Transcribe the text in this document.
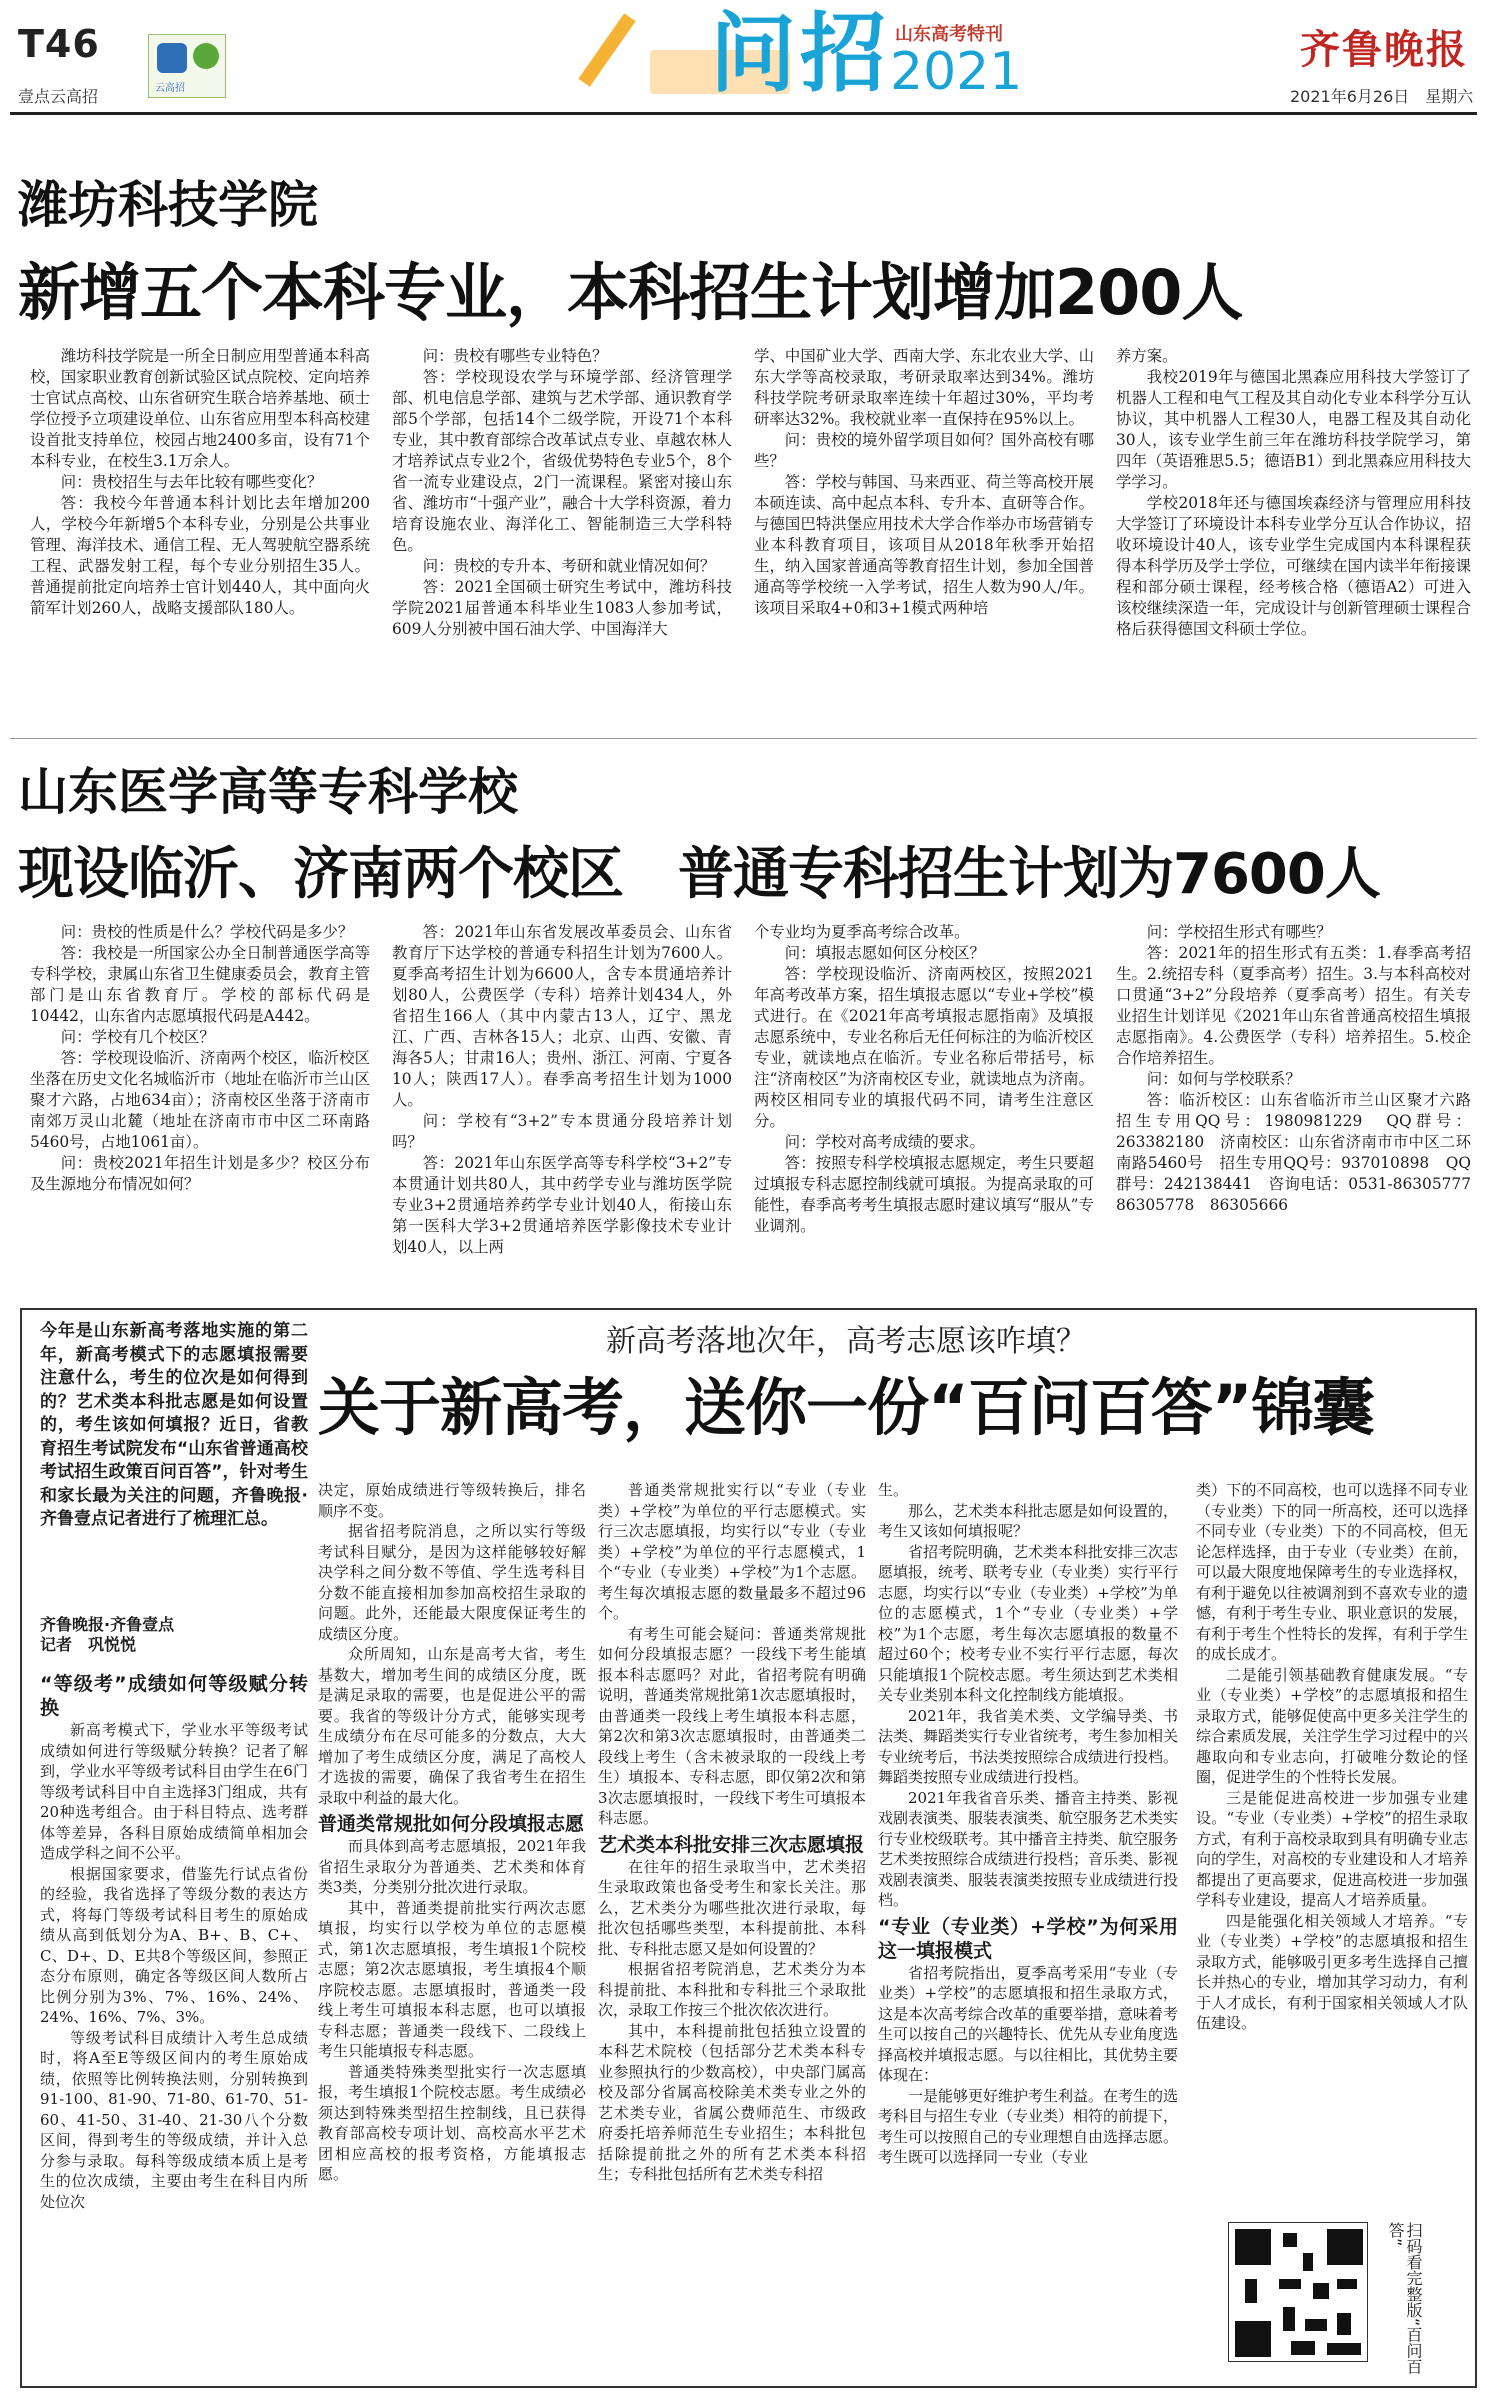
T46
壹点云高招	云高招	问招 山东高考特刊
2021	齐鲁晚报
2021年6月26日　星期六
潍坊科技学院
新增五个本科专业，本科招生计划增加200人

潍坊科技学院是一所全日制应用型普通本科高校，国家职业教育创新试验区试点院校、定向培养士官试点高校、山东省研究生联合培养基地、硕士学位授予立项建设单位、山东省应用型本科高校建设首批支持单位，校园占地2400多亩，设有71个本科专业，在校生3.1万余人。

问：贵校招生与去年比较有哪些变化？

答：我校今年普通本科计划比去年增加200人，学校今年新增5个本科专业，分别是公共事业管理、海洋技术、通信工程、无人驾驶航空器系统工程、武器发射工程，每个专业分别招生35人。普通提前批定向培养士官计划440人，其中面向火箭军计划260人，战略支援部队180人。

问：贵校有哪些专业特色？

答：学校现设农学与环境学部、经济管理学部、机电信息学部、建筑与艺术学部、通识教育学部5个学部，包括14个二级学院，开设71个本科专业，其中教育部综合改革试点专业、卓越农林人才培养试点专业2个，省级优势特色专业5个，8个省一流专业建设点，2门一流课程。紧密对接山东省、潍坊市“十强产业”，融合十大学科资源，着力培育设施农业、海洋化工、智能制造三大学科特色。

问：贵校的专升本、考研和就业情况如何？

答：2021全国硕士研究生考试中，潍坊科技学院2021届普通本科毕业生1083人参加考试，609人分别被中国石油大学、中国海洋大

学、中国矿业大学、西南大学、东北农业大学、山东大学等高校录取，考研录取率达到34%。潍坊科技学院考研录取率连续十年超过30%，平均考研率达32%。我校就业率一直保持在95%以上。

问：贵校的境外留学项目如何？国外高校有哪些？

答：学校与韩国、马来西亚、荷兰等高校开展本硕连读、高中起点本科、专升本、直研等合作。与德国巴特洪堡应用技术大学合作举办市场营销专业本科教育项目，该项目从2018年秋季开始招生，纳入国家普通高等教育招生计划，参加全国普通高等学校统一入学考试，招生人数为90人/年。该项目采取4+0和3+1模式两种培

养方案。

我校2019年与德国北黑森应用科技大学签订了机器人工程和电气工程及其自动化专业本科学分互认协议，其中机器人工程30人，电器工程及其自动化30人，该专业学生前三年在潍坊科技学院学习，第四年（英语雅思5.5；德语B1）到北黑森应用科技大学学习。

学校2018年还与德国埃森经济与管理应用科技大学签订了环境设计本科专业学分互认合作协议，招收环境设计40人，该专业学生完成国内本科课程获得本科学历及学士学位，可继续在国内读半年衔接课程和部分硕士课程，经考核合格（德语A2）可进入该校继续深造一年，完成设计与创新管理硕士课程合格后获得德国文科硕士学位。

山东医学高等专科学校
现设临沂、济南两个校区　普通专科招生计划为7600人

问：贵校的性质是什么？学校代码是多少？

答：我校是一所国家公办全日制普通医学高等专科学校，隶属山东省卫生健康委员会，教育主管部门是山东省教育厅。学校的部标代码是10442，山东省内志愿填报代码是A442。

问：学校有几个校区？

答：学校现设临沂、济南两个校区，临沂校区坐落在历史文化名城临沂市（地址在临沂市兰山区聚才六路，占地634亩）；济南校区坐落于济南市南郊万灵山北麓（地址在济南市市中区二环南路5460号，占地1061亩）。

问：贵校2021年招生计划是多少？校区分布及生源地分布情况如何？

答：2021年山东省发展改革委员会、山东省教育厅下达学校的普通专科招生计划为7600人。夏季高考招生计划为6600人，含专本贯通培养计划80人，公费医学（专科）培养计划434人，外省招生166人（其中内蒙古13人，辽宁、黑龙江、广西、吉林各15人；北京、山西、安徽、青海各5人；甘肃16人；贵州、浙江、河南、宁夏各10人；陕西17人）。春季高考招生计划为1000人。

问：学校有“3+2”专本贯通分段培养计划吗？

答：2021年山东医学高等专科学校“3+2”专本贯通计划共80人，其中药学专业与潍坊医学院专业3+2贯通培养药学专业计划40人，衔接山东第一医科大学3+2贯通培养医学影像技术专业计划40人，以上两

个专业均为夏季高考综合改革。

问：填报志愿如何区分校区？

答：学校现设临沂、济南两校区，按照2021年高考改革方案，招生填报志愿以“专业+学校”模式进行。在《2021年高考填报志愿指南》及填报志愿系统中，专业名称后无任何标注的为临沂校区专业，就读地点在临沂。专业名称后带括号，标注“济南校区”为济南校区专业，就读地点为济南。两校区相同专业的填报代码不同，请考生注意区分。

问：学校对高考成绩的要求。

答：按照专科学校填报志愿规定，考生只要超过填报专科志愿控制线就可填报。为提高录取的可能性，春季高考考生填报志愿时建议填写“服从”专业调剂。

问：学校招生形式有哪些？

答：2021年的招生形式有五类：1.春季高考招生。2.统招专科（夏季高考）招生。3.与本科高校对口贯通“3+2”分段培养（夏季高考）招生。有关专业招生计划详见《2021年山东省普通高校招生填报志愿指南》。4.公费医学（专科）培养招生。5.校企合作培养招生。

问：如何与学校联系？

答：临沂校区：山东省临沂市兰山区聚才六路　招生专用QQ号：1980981229　QQ群号：263382180　济南校区：山东省济南市市中区二环南路5460号　招生专用QQ号：937010898　QQ群号：242138441　咨询电话：0531-86305777　86305778　86305666

今年是山东新高考落地实施的第二年，新高考模式下的志愿填报需要注意什么，考生的位次是如何得到的？艺术类本科批志愿是如何设置的，考生该如何填报？近日，省教育招生考试院发布“山东省普通高校考试招生政策百问百答”，针对考生和家长最为关注的问题，齐鲁晚报·齐鲁壹点记者进行了梳理汇总。
齐鲁晚报·齐鲁壹点
记者　巩悦悦
新高考落地次年，高考志愿该咋填？
关于新高考，送你一份“百问百答”锦囊

“等级考”成绩如何等级赋分转换

新高考模式下，学业水平等级考试成绩如何进行等级赋分转换？记者了解到，学业水平等级考试科目由学生在6门等级考试科目中自主选择3门组成，共有20种选考组合。由于科目特点、选考群体等差异，各科目原始成绩简单相加会造成学科之间不公平。

根据国家要求，借鉴先行试点省份的经验，我省选择了等级分数的表达方式，将每门等级考试科目考生的原始成绩从高到低划分为A、B+、B、C+、C、D+、D、E共8个等级区间，参照正态分布原则，确定各等级区间人数所占比例分别为3%、7%、16%、24%、24%、16%、7%、3%。

等级考试科目成绩计入考生总成绩时，将A至E等级区间内的考生原始成绩，依照等比例转换法则，分别转换到91-100、81-90、71-80、61-70、51-60、41-50、31-40、21-30八个分数区间，得到考生的等级成绩，并计入总分参与录取。每科等级成绩本质上是考生的位次成绩，主要由考生在科目内所处位次

决定，原始成绩进行等级转换后，排名顺序不变。

据省招考院消息，之所以实行等级考试科目赋分，是因为这样能够较好解决学科之间分数不等值、学生选考科目分数不能直接相加参加高校招生录取的问题。此外，还能最大限度保证考生的成绩区分度。

众所周知，山东是高考大省，考生基数大，增加考生间的成绩区分度，既是满足录取的需要，也是促进公平的需要。我省的等级计分方式，能够实现考生成绩分布在尽可能多的分数点，大大增加了考生成绩区分度，满足了高校人才选拔的需要，确保了我省考生在招生录取中利益的最大化。

普通类常规批如何分段填报志愿

而具体到高考志愿填报，2021年我省招生录取分为普通类、艺术类和体育类3类，分类别分批次进行录取。

其中，普通类提前批实行两次志愿填报，均实行以学校为单位的志愿模式，第1次志愿填报，考生填报1个院校志愿；第2次志愿填报，考生填报4个顺序院校志愿。志愿填报时，普通类一段线上考生可填报本科志愿，也可以填报专科志愿；普通类一段线下、二段线上考生只能填报专科志愿。

普通类特殊类型批实行一次志愿填报，考生填报1个院校志愿。考生成绩必须达到特殊类型招生控制线，且已获得教育部高校专项计划、高校高水平艺术团相应高校的报考资格，方能填报志愿。

普通类常规批实行以“专业（专业类）+学校”为单位的平行志愿模式。实行三次志愿填报，均实行以“专业（专业类）+学校”为单位的平行志愿模式，1个“专业（专业类）+学校”为1个志愿。考生每次填报志愿的数量最多不超过96个。

有考生可能会疑问：普通类常规批如何分段填报志愿？一段线下考生能填报本科志愿吗？对此，省招考院有明确说明，普通类常规批第1次志愿填报时，由普通类一段线上考生填报本科志愿，第2次和第3次志愿填报时，由普通类二段线上考生（含未被录取的一段线上考生）填报本、专科志愿，即仅第2次和第3次志愿填报时，一段线下考生可填报本科志愿。

艺术类本科批安排三次志愿填报

在往年的招生录取当中，艺术类招生录取政策也备受考生和家长关注。那么，艺术类分为哪些批次进行录取，每批次包括哪些类型，本科提前批、本科批、专科批志愿又是如何设置的？

根据省招考院消息，艺术类分为本科提前批、本科批和专科批三个录取批次，录取工作按三个批次依次进行。

其中，本科提前批包括独立设置的本科艺术院校（包括部分艺术类本科专业参照执行的少数高校），中央部门属高校及部分省属高校除美术类专业之外的艺术类专业，省属公费师范生、市级政府委托培养师范生专业招生；本科批包括除提前批之外的所有艺术类本科招生；专科批包括所有艺术类专科招

生。

那么，艺术类本科批志愿是如何设置的，考生又该如何填报呢？

省招考院明确，艺术类本科批安排三次志愿填报，统考、联考专业（专业类）实行平行志愿，均实行以“专业（专业类）+学校”为单位的志愿模式，1个“专业（专业类）+学校”为1个志愿，考生每次志愿填报的数量不超过60个；校考专业不实行平行志愿，每次只能填报1个院校志愿。考生须达到艺术类相关专业类别本科文化控制线方能填报。

2021年，我省美术类、文学编导类、书法类、舞蹈类实行专业省统考，考生参加相关专业统考后，书法类按照综合成绩进行投档。舞蹈类按照专业成绩进行投档。

2021年我省音乐类、播音主持类、影视戏剧表演类、服装表演类、航空服务艺术类实行专业校级联考。其中播音主持类、航空服务艺术类按照综合成绩进行投档；音乐类、影视戏剧表演类、服装表演类按照专业成绩进行投档。

“专业（专业类）+学校”为何采用这一填报模式

省招考院指出，夏季高考采用“专业（专业类）+学校”的志愿填报和招生录取方式，这是本次高考综合改革的重要举措，意味着考生可以按自己的兴趣特长、优先从专业角度选择高校并填报志愿。与以往相比，其优势主要体现在：

一是能够更好维护考生利益。在考生的选考科目与招生专业（专业类）相符的前提下，考生可以按照自己的专业理想自由选择志愿。考生既可以选择同一专业（专业

类）下的不同高校，也可以选择不同专业（专业类）下的同一所高校，还可以选择不同专业（专业类）下的不同高校，但无论怎样选择，由于专业（专业类）在前，可以最大限度地保障考生的专业选择权，有利于避免以往被调剂到不喜欢专业的遗憾，有利于考生专业、职业意识的发展，有利于考生个性特长的发挥，有利于学生的成长成才。

二是能引领基础教育健康发展。“专业（专业类）+学校”的志愿填报和招生录取方式，能够促使高中更多关注学生的综合素质发展，关注学生学习过程中的兴趣取向和专业志向，打破唯分数论的怪圈，促进学生的个性特长发展。

三是能促进高校进一步加强专业建设。“专业（专业类）+学校”的招生录取方式，有利于高校录取到具有明确专业志向的学生，对高校的专业建设和人才培养都提出了更高要求，促进高校进一步加强学科专业建设，提高人才培养质量。

四是能强化相关领域人才培养。“专业（专业类）+学校”的志愿填报和招生录取方式，能够吸引更多考生选择自己擅长并热心的专业，增加其学习动力，有利于人才成长，有利于国家相关领域人才队伍建设。

扫码看完整版“百问百答”
